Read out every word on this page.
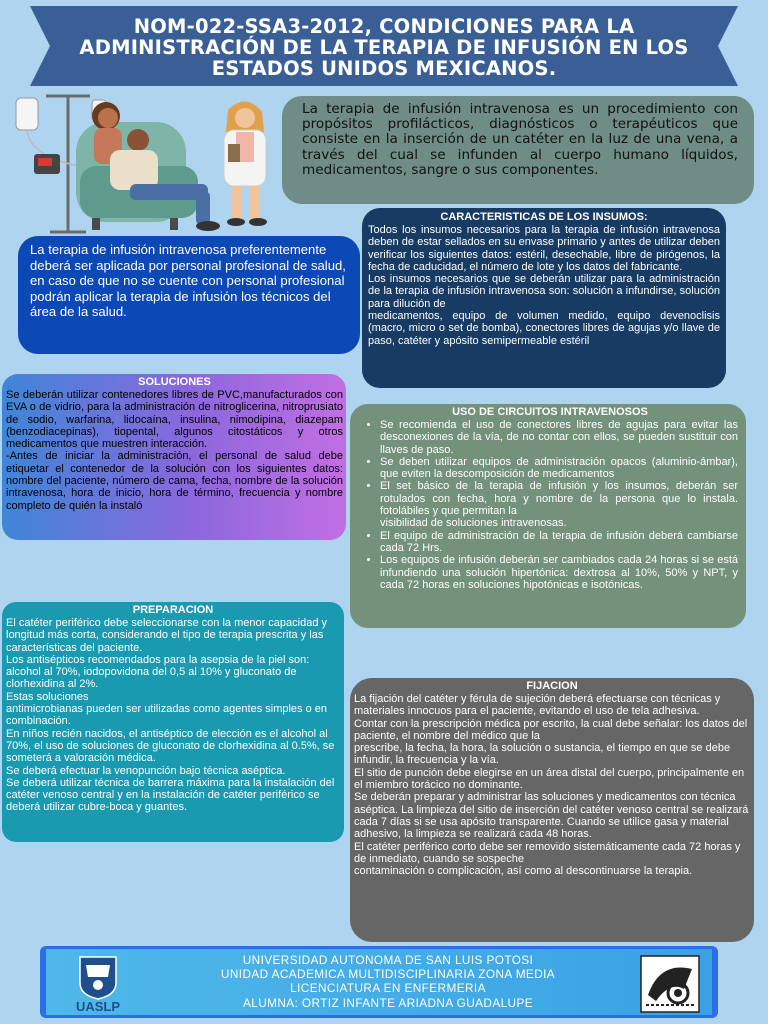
NOM-022-SSA3-2012, CONDICIONES PARA LA ADMINISTRACIÓN DE LA TERAPIA DE INFUSIÓN EN LOS ESTADOS UNIDOS MEXICANOS.
La terapia de infusión intravenosa es un procedimiento con propósitos profilácticos, diagnósticos o terapéuticos que consiste en la inserción de un catéter en la luz de una vena, a través del cual se infunden al cuerpo humano líquidos, medicamentos, sangre o sus componentes.
La terapia de infusión intravenosa preferentemente deberá ser aplicada por personal profesional de salud, en caso de que no se cuente con personal profesional podrán aplicar la terapia de infusión los técnicos del área de la salud.
CARACTERISTICAS DE LOS INSUMOS:
Todos los insumos necesarios para la terapia de infusión intravenosa deben de estar sellados en su envase primario y antes de utilizar deben verificar los siguientes datos: estéril, desechable, libre de pirógenos, la fecha de caducidad, el número de lote y los datos del fabricante.
Los insumos necesarios que se deberán utilizar para la administración de la terapia de infusión intravenosa son: solución a infundirse, solución para dilución de
medicamentos, equipo de volumen medido, equipo devenoclisis (macro, micro o set de bomba), conectores libres de agujas y/o llave de paso, catéter y apósito semipermeable estéril
SOLUCIONES
Se deberán utilizar contenedores libres de PVC,manufacturados con EVA o de vidrio, para la administración de nitroglicerina, nitroprusiato de sodio, warfarina, lidocaína, insulina, nimodipina, diazepam (benzodiacepinas), tiopental, algunos citostáticos y otros medicamentos que muestren interacción.
-Antes de iniciar la administración, el personal de salud debe etiquetar el contenedor de la solución con los siguientes datos: nombre del paciente, número de cama, fecha, nombre de la solución intravenosa, hora de inicio, hora de término, frecuencia y nombre completo de quién la instaló
USO DE CIRCUITOS INTRAVENOSOS
• Se recomienda el uso de conectores libres de agujas para evitar las desconexiones de la vía, de no contar con ellos, se pueden sustituir con llaves de paso.
• Se deben utilizar equipos de administración opacos (aluminio-ámbar), que eviten la descomposición de medicamentos
• El set básico de la terapia de infusión y los insumos, deberán ser rotulados con fecha, hora y nombre de la persona que lo instala. fotolábiles y que permitan la
visibilidad de soluciones intravenosas.
• El equipo de administración de la terapia de infusión deberá cambiarse cada 72 Hrs.
• Los equipos de infusión deberán ser cambiados cada 24 horas si se está infundiendo una solución hipertónica: dextrosa al 10%, 50% y NPT, y cada 72 horas en soluciones hipotónicas e isotónicas.
PREPARACION
El catéter periférico debe seleccionarse con la menor capacidad y longitud más corta, considerando el tipo de terapia prescrita y las características del paciente.
Los antisépticos recomendados para la asepsia de la piel son: alcohol al 70%, iodopovidona del 0,5 al 10% y gluconato de clorhexidina al 2%.
Estas soluciones
antimicrobianas pueden ser utilizadas como agentes simples o en combinación.
En niños recién nacidos, el antiséptico de elección es el alcohol al 70%, el uso de soluciones de gluconato de clorhexidina al 0.5%, se someterá a valoración médica.
Se deberá efectuar la venopunción bajo técnica aséptica.
Se deberá utilizar técnica de barrera máxima para la instalación del catéter venoso central y en la instalación de catéter periférico se deberá utilizar cubre-boca y guantes.
FIJACION
La fijación del catéter y férula de sujeción deberá efectuarse con técnicas y materiales innocuos para el paciente, evitando el uso de tela adhesiva.
Contar con la prescripción médica por escrito, la cual debe señalar: los datos del paciente, el nombre del médico que la
prescribe, la fecha, la hora, la solución o sustancia, el tiempo en que se debe infundir, la frecuencia y la vía.
El sitio de punción debe elegirse en un área distal del cuerpo, principalmente en el miembro torácico no dominante.
Se deberán preparar y administrar las soluciones y medicamentos con técnica aséptica. La limpieza del sitio de inserción del catéter venoso central se realizará cada 7 días si se usa apósito transparente. Cuando se utilice gasa y material adhesivo, la limpieza se realizará cada 48 horas.
El catéter periférico corto debe ser removido sistemáticamente cada 72 horas y de inmediato, cuando se sospeche
contaminación o complicación, así como al descontinuarse la terapia.
UASLP
UNIVERSIDAD AUTONOMA DE SAN LUIS POTOSI
UNIDAD ACADEMICA MULTIDISCIPLINARIA ZONA MEDIA
LICENCIATURA EN ENFERMERIA
ALUMNA: ORTIZ INFANTE ARIADNA GUADALUPE
